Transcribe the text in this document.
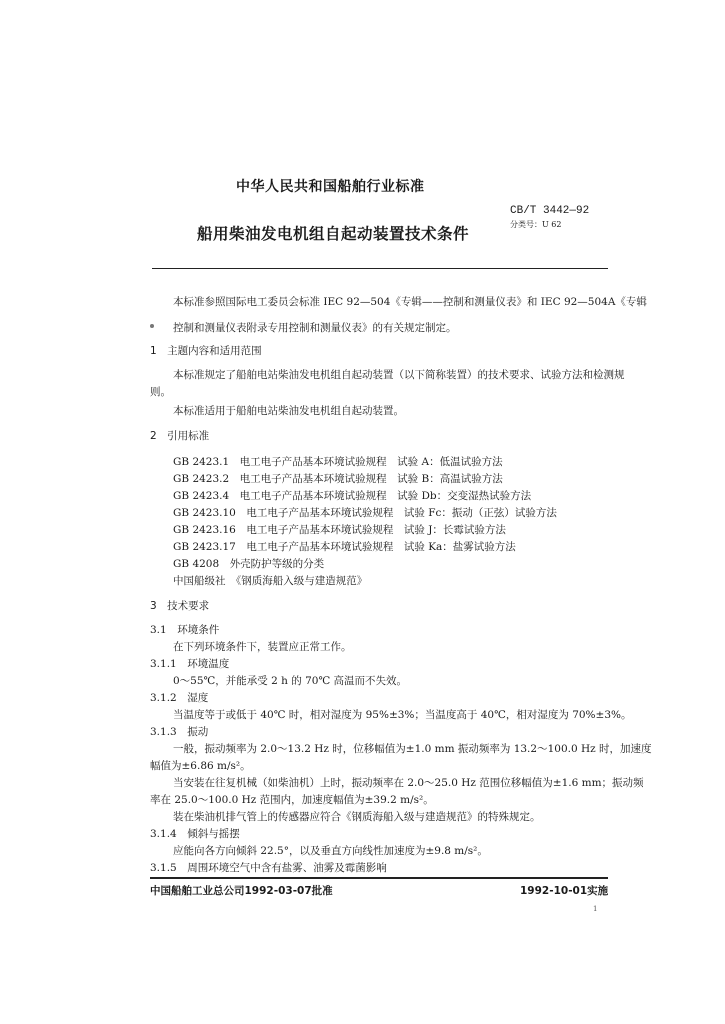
中华人民共和国船舶行业标准
船用柴油发电机组自起动装置技术条件
CB/T 3442—92
分类号：U 62
本标准参照国际电工委员会标准 IEC 92—504《专辑——控制和测量仪表》和 IEC 92—504A《专辑
控制和测量仪表附录专用控制和测量仪表》的有关规定制定。
1　主题内容和适用范围
本标准规定了船舶电站柴油发电机组自起动装置（以下简称装置）的技术要求、试验方法和检测规
则。
本标准适用于船舶电站柴油发电机组自起动装置。
2　引用标准
GB 2423.1　电工电子产品基本环境试验规程　试验 A：低温试验方法
GB 2423.2　电工电子产品基本环境试验规程　试验 B：高温试验方法
GB 2423.4　电工电子产品基本环境试验规程　试验 Db：交变湿热试验方法
GB 2423.10　电工电子产品基本环境试验规程　试验 Fc：振动（正弦）试验方法
GB 2423.16　电工电子产品基本环境试验规程　试验 J：长霉试验方法
GB 2423.17　电工电子产品基本环境试验规程　试验 Ka：盐雾试验方法
GB 4208　外壳防护等级的分类
中国船级社　《钢质海船入级与建造规范》
3　技术要求
3.1　环境条件
在下列环境条件下，装置应正常工作。
3.1.1　环境温度
0～55℃，并能承受 2 h 的 70℃ 高温而不失效。
3.1.2　湿度
当温度等于或低于 40℃ 时，相对湿度为 95%±3%；当温度高于 40℃，相对湿度为 70%±3%。
3.1.3　振动
一般，振动频率为 2.0～13.2 Hz 时，位移幅值为±1.0 mm 振动频率为 13.2～100.0 Hz 时，加速度
幅值为±6.86 m/s²。
当安装在往复机械（如柴油机）上时，振动频率在 2.0～25.0 Hz 范围位移幅值为±1.6 mm；振动频
率在 25.0～100.0 Hz 范围内，加速度幅值为±39.2 m/s²。
装在柴油机排气管上的传感器应符合《钢质海船入级与建造规范》的特殊规定。
3.1.4　倾斜与摇摆
应能向各方向倾斜 22.5°，以及垂直方向线性加速度为±9.8 m/s²。
3.1.5　周围环境空气中含有盐雾、油雾及霉菌影响
中国船舶工业总公司1992-03-07批准	1992-10-01实施
1
